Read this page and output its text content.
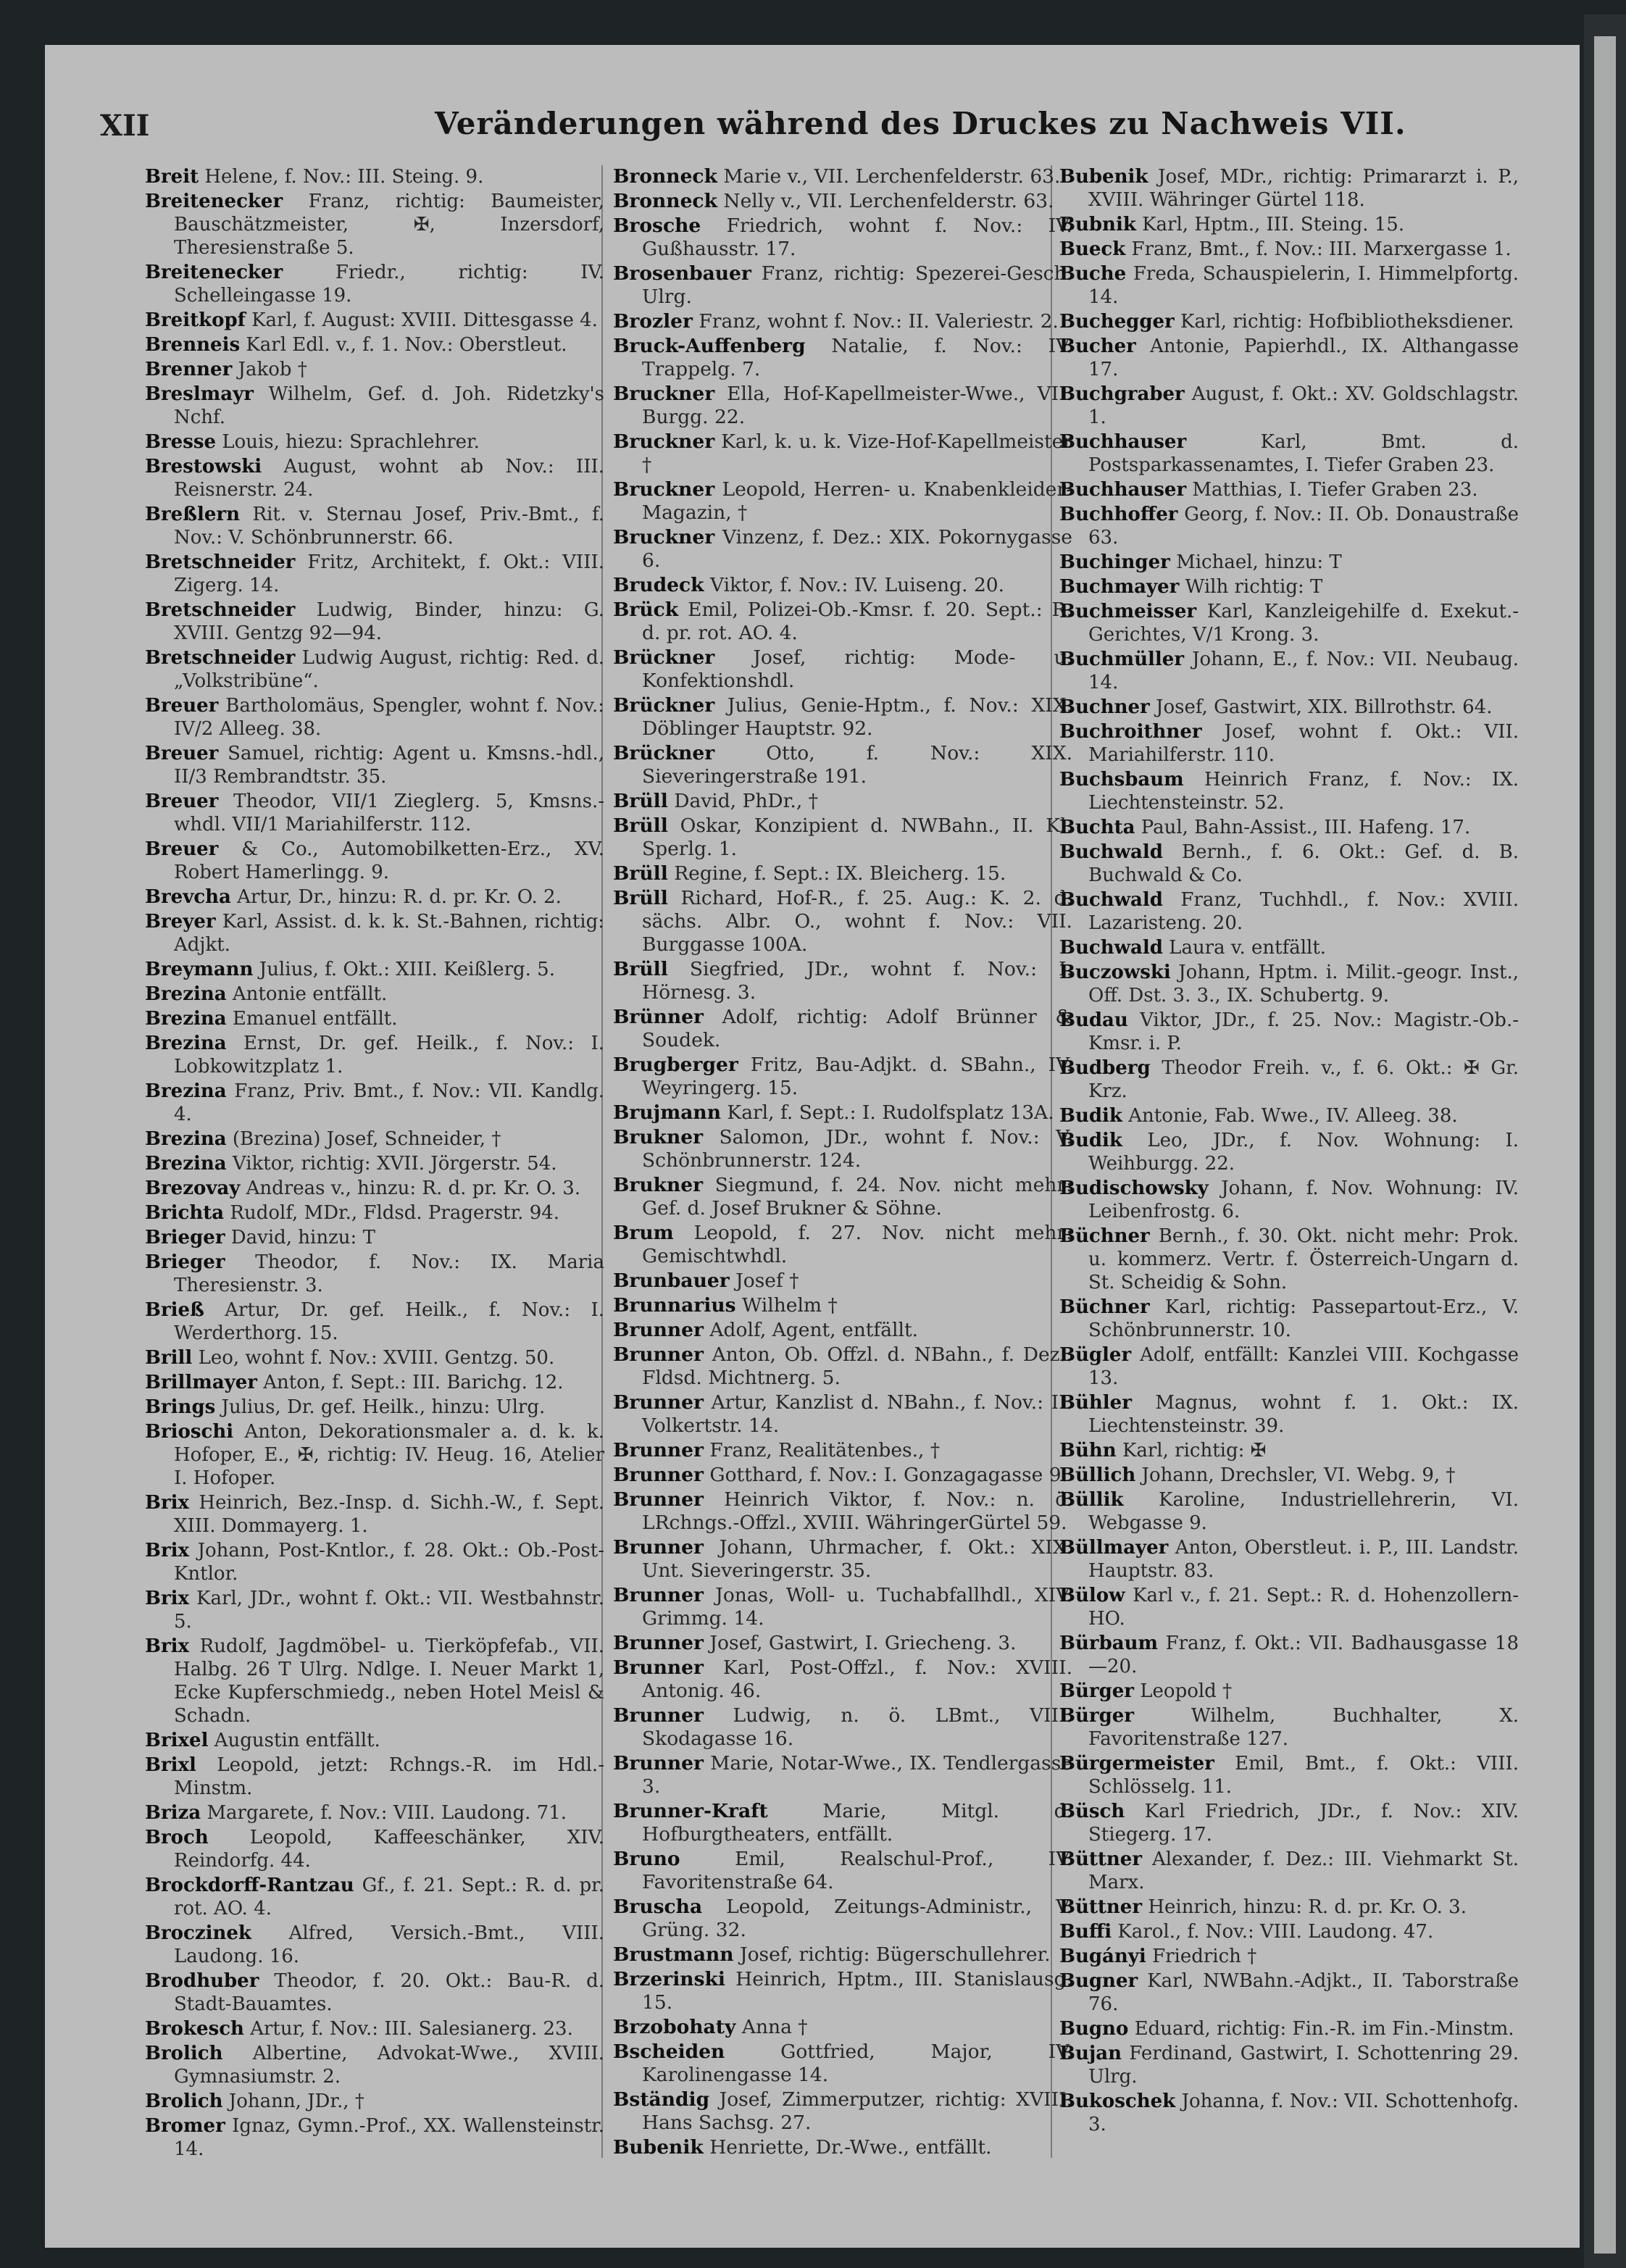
XII	Veränderungen während des Druckes zu Nachweis VII.

Breit Helene, f. Nov.: III. Steing. 9.

Breitenecker Franz, richtig: Baumeister, Bauschätzmeister, ✠, Inzersdorf, Theresienstraße 5.

Breitenecker	Friedr., richtig: IV. Schelleingasse 19.

Breitkopf Karl, f. August: XVIII. Dittesgasse 4.

Brenneis Karl Edl. v., f. 1. Nov.: Oberstleut.

Brenner Jakob †

Breslmayr Wilhelm, Gef. d. Joh. Ridetzky's Nchf.

Bresse Louis, hiezu: Sprachlehrer.

Brestowski August, wohnt ab Nov.: III. Reisnerstr. 24.

Breßlern Rit. v. Sternau Josef, Priv.-Bmt., f. Nov.: V. Schönbrunnerstr. 66.

Bretschneider Fritz, Architekt, f. Okt.: VIII. Zigerg. 14.

Bretschneider Ludwig, Binder, hinzu: G. XVIII. Gentzg 92—94.

Bretschneider Ludwig August, richtig: Red. d. „Volkstribüne“.

Breuer Bartholomäus, Spengler, wohnt f. Nov.: IV/2 Alleeg. 38.

Breuer Samuel, richtig: Agent u. Kmsns.-hdl., II/3 Rembrandtstr. 35.

Breuer Theodor, VII/1 Zieglerg. 5, Kmsns.-whdl. VII/1 Mariahilferstr. 112.

Breuer & Co., Automobilketten-Erz., XV. Robert Hamerlingg. 9.

Brevcha Artur, Dr., hinzu: R. d. pr. Kr. O. 2.

Breyer Karl, Assist. d. k. k. St.-Bahnen, richtig: Adjkt.

Breymann Julius, f. Okt.: XIII. Keißlerg. 5.

Brezina Antonie entfällt.

Brezina Emanuel entfällt.

Brezina Ernst, Dr. gef. Heilk., f. Nov.: I. Lobkowitzplatz 1.

Brezina Franz, Priv. Bmt., f. Nov.: VII. Kandlg. 4.

Brezina (Brezina) Josef, Schneider, †

Brezina Viktor, richtig: XVII. Jörgerstr. 54.

Brezovay Andreas v., hinzu: R. d. pr. Kr. O. 3.

Brichta Rudolf, MDr., Fldsd. Pragerstr. 94.

Brieger David, hinzu: T

Brieger Theodor, f. Nov.: IX. Maria Theresienstr. 3.

Brieß Artur, Dr. gef. Heilk., f. Nov.: I. Werderthorg. 15.

Brill Leo, wohnt f. Nov.: XVIII. Gentzg. 50.

Brillmayer Anton, f. Sept.: III. Barichg. 12.

Brings Julius, Dr. gef. Heilk., hinzu: Ulrg.

Brioschi Anton, Dekorationsmaler a. d. k. k. Hofoper, E., ✠, richtig: IV. Heug. 16, Atelier I. Hofoper.

Brix Heinrich, Bez.-Insp. d. Sichh.-W., f. Sept. XIII. Dommayerg. 1.

Brix Johann, Post-Kntlor., f. 28. Okt.: Ob.-Post-Kntlor.

Brix Karl, JDr., wohnt f. Okt.: VII. Westbahnstr. 5.

Brix Rudolf, Jagdmöbel- u. Tierköpfefab., VII. Halbg. 26 T Ulrg. Ndlge. I. Neuer Markt 1, Ecke Kupferschmiedg., neben Hotel Meisl & Schadn.

Brixel Augustin entfällt.

Brixl Leopold, jetzt: Rchngs.-R. im Hdl.-Minstm.

Briza Margarete, f. Nov.: VIII. Laudong. 71.

Broch Leopold, Kaffeeschänker, XIV. Reindorfg. 44.

Brockdorff-Rantzau Gf., f. 21. Sept.: R. d. pr. rot. AO. 4.

Broczinek Alfred, Versich.-Bmt., VIII. Laudong. 16.

Brodhuber Theodor, f. 20. Okt.: Bau-R. d. Stadt-Bauamtes.

Brokesch Artur, f. Nov.: III. Salesianerg. 23.

Brolich Albertine, Advokat-Wwe., XVIII. Gymnasiumstr. 2.

Brolich Johann, JDr., †

Bromer Ignaz, Gymn.-Prof., XX. Wallensteinstr. 14.

Bronneck Marie v., VII. Lerchenfelderstr. 63.

Bronneck Nelly v., VII. Lerchenfelderstr. 63.

Brosche Friedrich, wohnt f. Nov.: IV. Gußhausstr. 17.

Brosenbauer Franz, richtig: Spezerei-Gesch. Ulrg.

Brozler Franz, wohnt f. Nov.: II. Valeriestr. 2.

Bruck-Auffenberg Natalie, f. Nov.: IV. Trappelg. 7.

Bruckner Ella, Hof-Kapellmeister-Wwe., VII. Burgg. 22.

Bruckner Karl, k. u. k. Vize-Hof-Kapellmeister †

Bruckner Leopold, Herren- u. Knabenkleider-Magazin, †

Bruckner Vinzenz, f. Dez.: XIX. Pokornygasse 6.

Brudeck Viktor, f. Nov.: IV. Luiseng. 20.

Brück Emil, Polizei-Ob.-Kmsr. f. 20. Sept.: R. d. pr. rot. AO. 4.

Brückner Josef, richtig: Mode- u. Konfektionshdl.

Brückner Julius, Genie-Hptm., f. Nov.: XIX. Döblinger Hauptstr. 92.

Brückner	Otto, f. Nov.: XIX. Sieveringerstraße 191.

Brüll David, PhDr., †

Brüll Oskar, Konzipient d. NWBahn., II. Kl. Sperlg. 1.

Brüll Regine, f. Sept.: IX. Bleicherg. 15.

Brüll Richard, Hof-R., f. 25. Aug.: K. 2. d. sächs. Albr. O., wohnt f. Nov.: VII. Burggasse 100A.

Brüll Siegfried, JDr., wohnt f. Nov.: I. Hörnesg. 3.

Brünner Adolf, richtig: Adolf Brünner & Soudek.

Brugberger Fritz, Bau-Adjkt. d. SBahn., IV. Weyringerg. 15.

Brujmann Karl, f. Sept.: I. Rudolfsplatz 13A.

Brukner Salomon, JDr., wohnt f. Nov.: V. Schönbrunnerstr. 124.

Brukner Siegmund, f. 24. Nov. nicht mehr: Gef. d. Josef Brukner & Söhne.

Brum Leopold, f. 27. Nov. nicht mehr: Gemischtwhdl.

Brunbauer Josef †

Brunnarius Wilhelm †

Brunner Adolf, Agent, entfällt.

Brunner Anton, Ob. Offzl. d. NBahn., f. Dez.: Fldsd. Michtnerg. 5.

Brunner Artur, Kanzlist d. NBahn., f. Nov.: II. Volkertstr. 14.

Brunner Franz, Realitätenbes., †

Brunner Gotthard, f. Nov.: I. Gonzagagasse 9.

Brunner Heinrich Viktor, f. Nov.: n. ö. LRchngs.-Offzl., XVIII. WähringerGürtel 59.

Brunner Johann, Uhrmacher, f. Okt.: XIX. Unt. Sieveringerstr. 35.

Brunner Jonas, Woll- u. Tuchabfallhdl., XIV. Grimmg. 14.

Brunner Josef, Gastwirt, I. Griecheng. 3.

Brunner Karl, Post-Offzl., f. Nov.: XVIII. Antonig. 46.

Brunner Ludwig, n. ö. LBmt., VIII. Skodagasse 16.

Brunner Marie, Notar-Wwe., IX. Tendlergasse 3.

Brunner-Kraft	Marie, Mitgl. d. Hofburgtheaters, entfällt.

Bruno	Emil, Realschul-Prof., IV. Favoritenstraße 64.

Bruscha Leopold, Zeitungs-Administr., V. Grüng. 32.

Brustmann Josef, richtig: Bügerschullehrer.

Brzerinski Heinrich, Hptm., III. Stanislausg. 15.

Brzobohaty Anna †

Bscheiden	Gottfried, Major, IV. Karolinengasse 14.

Bständig Josef, Zimmerputzer, richtig: XVIII. Hans Sachsg. 27.

Bubenik Henriette, Dr.-Wwe., entfällt.

Bubenik Josef, MDr., richtig: Primararzt i. P., XVIII. Währinger Gürtel 118.

Bubnik Karl, Hptm., III. Steing. 15.

Bueck Franz, Bmt., f. Nov.: III. Marxergasse 1.

Buche Freda, Schauspielerin, I. Himmelpfortg. 14.

Buchegger Karl, richtig: Hofbibliotheksdiener.

Bucher Antonie, Papierhdl., IX. Althangasse 17.

Buchgraber August, f. Okt.: XV. Goldschlagstr. 1.

Buchhauser	Karl, Bmt. d. Postsparkassenamtes, I. Tiefer Graben 23.

Buchhauser Matthias, I. Tiefer Graben 23.

Buchhoffer Georg, f. Nov.: II. Ob. Donaustraße 63.

Buchinger Michael, hinzu: T

Buchmayer Wilh richtig: T

Buchmeisser Karl, Kanzleigehilfe d. Exekut.-Gerichtes, V/1 Krong. 3.

Buchmüller Johann, E., f. Nov.: VII. Neubaug. 14.

Buchner Josef, Gastwirt, XIX. Billrothstr. 64.

Buchroithner Josef, wohnt f. Okt.: VII. Mariahilferstr. 110.

Buchsbaum Heinrich Franz, f. Nov.: IX. Liechtensteinstr. 52.

Buchta Paul, Bahn-Assist., III. Hafeng. 17.

Buchwald Bernh., f. 6. Okt.: Gef. d. B. Buchwald & Co.

Buchwald Franz, Tuchhdl., f. Nov.: XVIII. Lazaristeng. 20.

Buchwald Laura v. entfällt.

Buczowski Johann, Hptm. i. Milit.-geogr. Inst., Off. Dst. 3. 3., IX. Schubertg. 9.

Budau Viktor, JDr., f. 25. Nov.: Magistr.-Ob.-Kmsr. i. P.

Budberg Theodor Freih. v., f. 6. Okt.: ✠ Gr. Krz.

Budik Antonie, Fab. Wwe., IV. Alleeg. 38.

Budik Leo, JDr., f. Nov. Wohnung: I. Weihburgg. 22.

Budischowsky Johann, f. Nov. Wohnung: IV. Leibenfrostg. 6.

Büchner Bernh., f. 30. Okt. nicht mehr: Prok. u. kommerz. Vertr. f. Österreich-Ungarn d. St. Scheidig & Sohn.

Büchner Karl, richtig: Passepartout-Erz., V. Schönbrunnerstr. 10.

Bügler Adolf, entfällt: Kanzlei VIII. Kochgasse 13.

Bühler Magnus, wohnt f. 1. Okt.: IX. Liechtensteinstr. 39.

Bühn Karl, richtig: ✠

Büllich Johann, Drechsler, VI. Webg. 9, †

Büllik Karoline, Industriellehrerin, VI. Webgasse 9.

Büllmayer Anton, Oberstleut. i. P., III. Landstr. Hauptstr. 83.

Bülow Karl v., f. 21. Sept.: R. d. Hohenzollern-HO.

Bürbaum Franz, f. Okt.: VII. Badhausgasse 18—20.

Bürger Leopold †

Bürger	Wilhelm, Buchhalter, X. Favoritenstraße 127.

Bürgermeister Emil, Bmt., f. Okt.: VIII. Schlösselg. 11.

Büsch Karl Friedrich, JDr., f. Nov.: XIV. Stiegerg. 17.

Büttner Alexander, f. Dez.: III. Viehmarkt St. Marx.

Büttner Heinrich, hinzu: R. d. pr. Kr. O. 3.

Buffi Karol., f. Nov.: VIII. Laudong. 47.

Bugányi Friedrich †

Bugner Karl, NWBahn.-Adjkt., II. Taborstraße 76.

Bugno Eduard, richtig: Fin.-R. im Fin.-Minstm.

Bujan Ferdinand, Gastwirt, I. Schottenring 29. Ulrg.

Bukoschek Johanna, f. Nov.: VII. Schottenhofg. 3.
